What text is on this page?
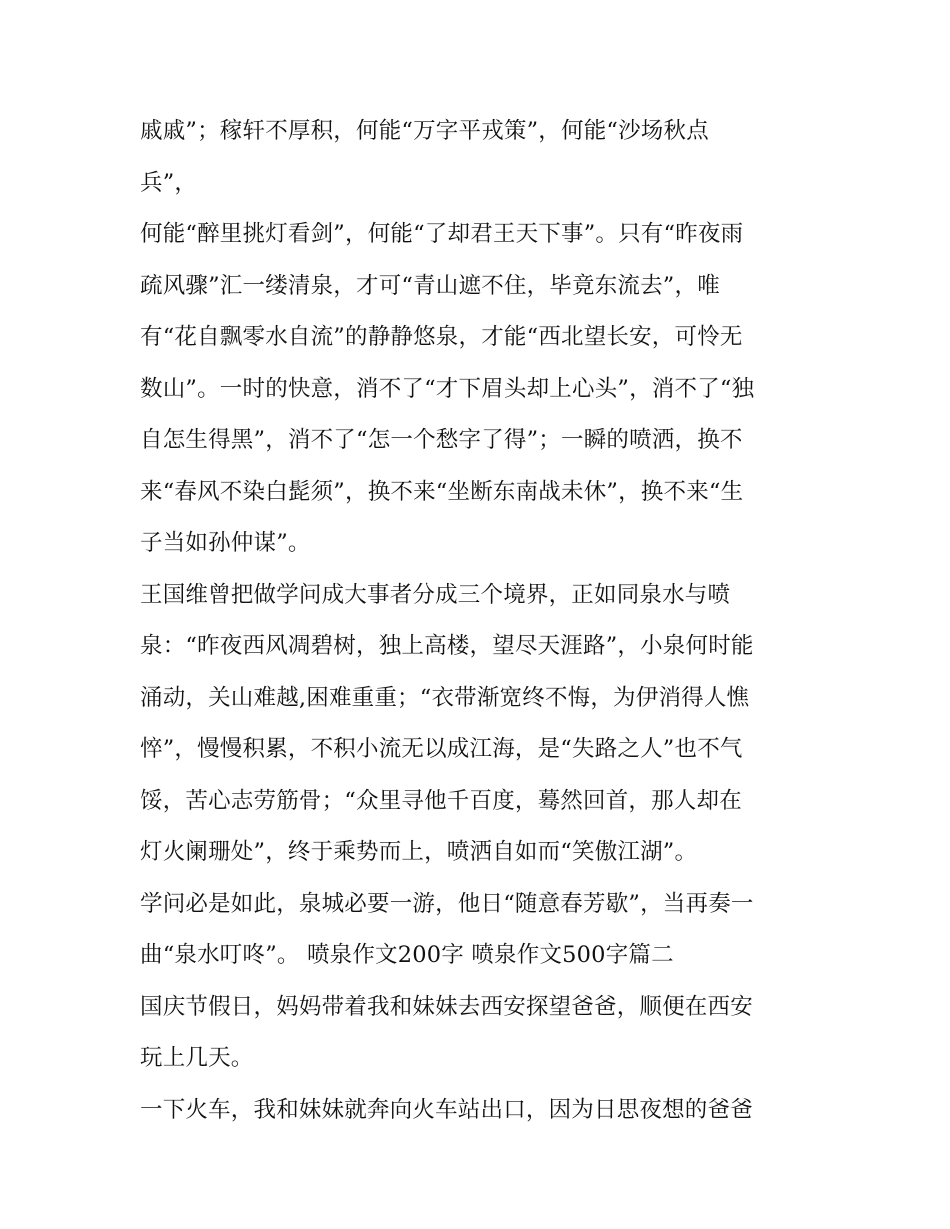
戚戚”；稼轩不厚积，何能“万字平戎策”，何能“沙场秋点
兵”，
何能“醉里挑灯看剑”，何能“了却君王天下事”。只有“昨夜雨
疏风骤”汇一缕清泉，才可“青山遮不住，毕竟东流去”，唯
有“花自飘零水自流”的静静悠泉，才能“西北望长安，可怜无
数山”。一时的快意，消不了“才下眉头却上心头”，消不了“独
自怎生得黑”，消不了“怎一个愁字了得”；一瞬的喷洒，换不
来“春风不染白髭须”，换不来“坐断东南战未休”，换不来“生
子当如孙仲谋”。
王国维曾把做学问成大事者分成三个境界，正如同泉水与喷
泉：“昨夜西风凋碧树，独上高楼，望尽天涯路”，小泉何时能
涌动，关山难越,困难重重；“衣带渐宽终不悔，为伊消得人憔
悴”，慢慢积累，不积小流无以成江海，是“失路之人”也不气
馁，苦心志劳筋骨；“众里寻他千百度，蓦然回首，那人却在
灯火阑珊处”，终于乘势而上，喷洒自如而“笑傲江湖”。
学问必是如此，泉城必要一游，他日“随意春芳歇”，当再奏一
曲“泉水叮咚”。 喷泉作文200字 喷泉作文500字篇二
国庆节假日，妈妈带着我和妹妹去西安探望爸爸，顺便在西安
玩上几天。
一下火车，我和妹妹就奔向火车站出口，因为日思夜想的爸爸
